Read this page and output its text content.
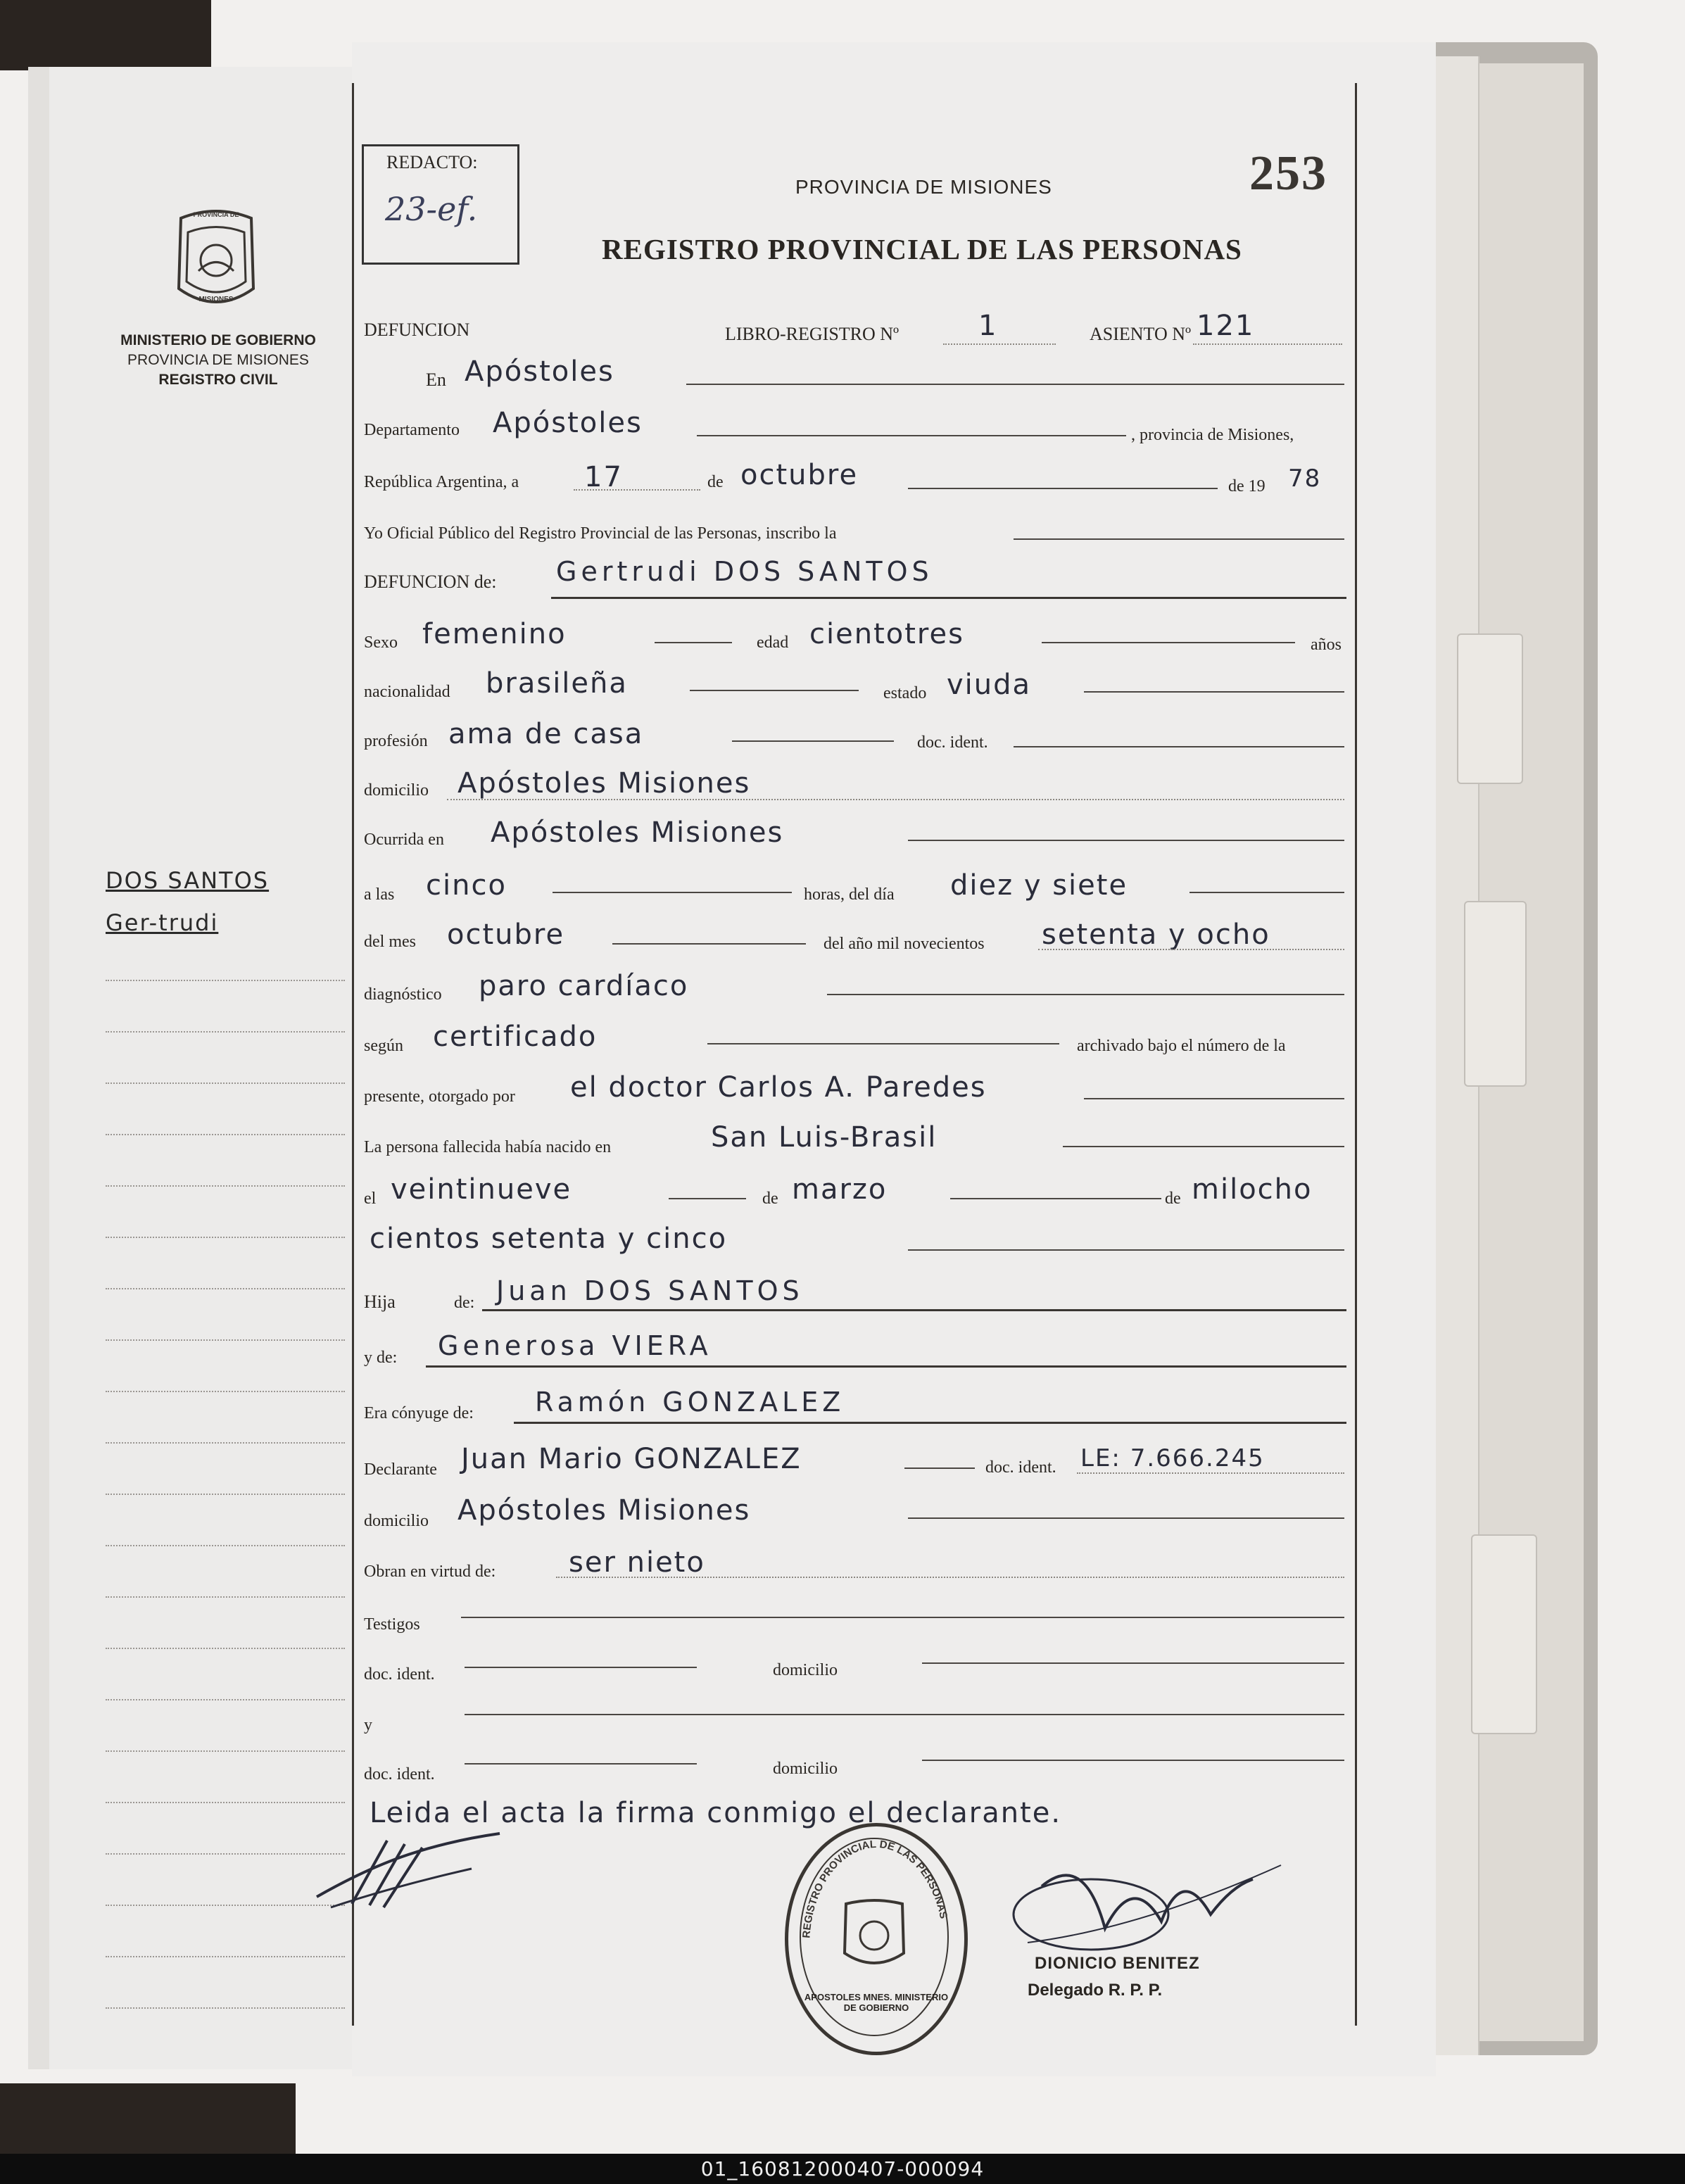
PROVINCIA DE
MISIONES
MINISTERIO DE GOBIERNO
PROVINCIA DE MISIONES
REGISTRO CIVIL
DOS SANTOS
Ger-trudi
REDACTO:
23-ef.
PROVINCIA DE MISIONES
REGISTRO PROVINCIAL DE LAS PERSONAS
253
DEFUNCION	LIBRO-REGISTRO Nº	1	ASIENTO Nº 121
En Apóstoles
Departamento Apóstoles	, provincia de Misiones,
República Argentina, a 17	de octubre	de 19 78
Yo Oficial Público del Registro Provincial de las Personas, inscribo la
DEFUNCION de: Gertrudi DOS SANTOS
Sexo femenino	edad cientotres	años
nacionalidad brasileña	estado viuda
profesión ama de casa	doc. ident.
domicilio Apóstoles Misiones
Ocurrida en Apóstoles Misiones
a las cinco	horas, del día diez y siete
del mes octubre	del año mil novecientos setenta y ocho
diagnóstico paro cardíaco
según certificado	archivado bajo el número de la
presente, otorgado por el doctor Carlos A. Paredes
La persona fallecida había nacido en	San Luis-Brasil
el veintinueve	de marzo	de milocho
cientos setenta y cinco
Hija	de: Juan DOS SANTOS
y de: Generosa VIERA
Era cónyuge de: Ramón GONZALEZ
Declarante Juan Mario GONZALEZ	doc. ident. LE: 7.666.245
domicilio Apóstoles Misiones
Obran en virtud de:	ser nieto
Testigos
doc. ident.	domicilio
y
doc. ident.	domicilio
Leida el acta la firma conmigo el declarante.
REGISTRO PROVINCIAL DE LAS PERSONAS
APOSTOLES MNES. MINISTERIO DE GOBIERNO
DIONICIO BENITEZ
Delegado R. P. P.
01_160812000407-000094
